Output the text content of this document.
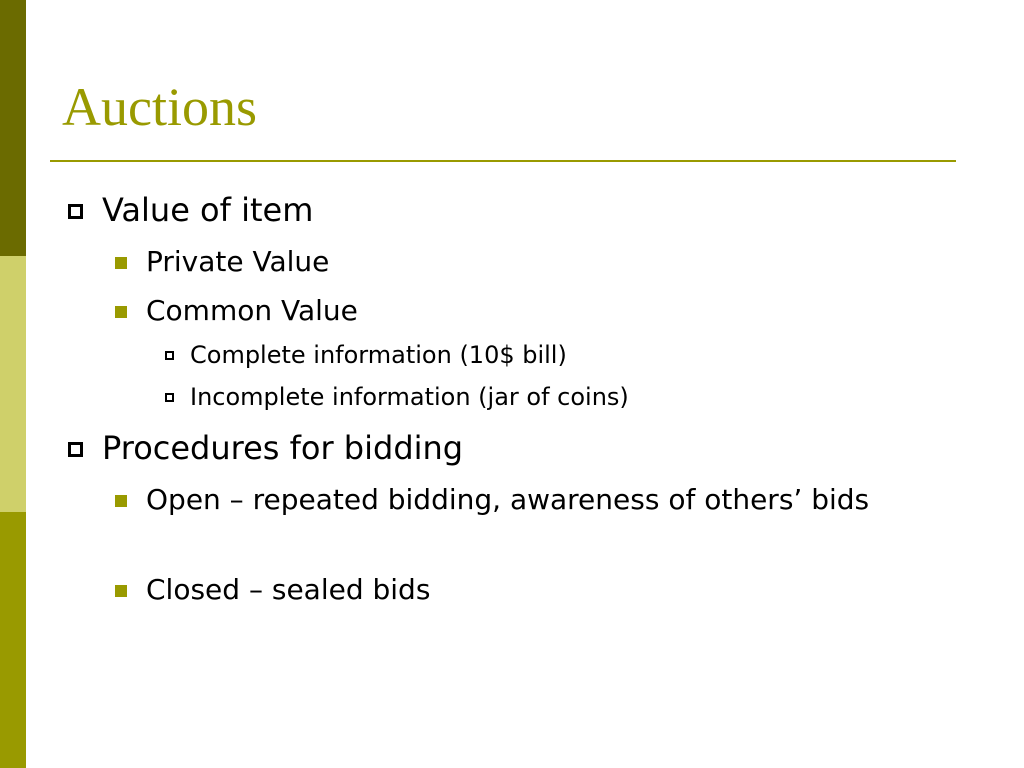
Auctions
Value of item
Private Value
Common Value
Complete information (10$ bill)
Incomplete information (jar of coins)
Procedures for bidding
Open – repeated bidding, awareness of others’ bids
Closed – sealed bids
